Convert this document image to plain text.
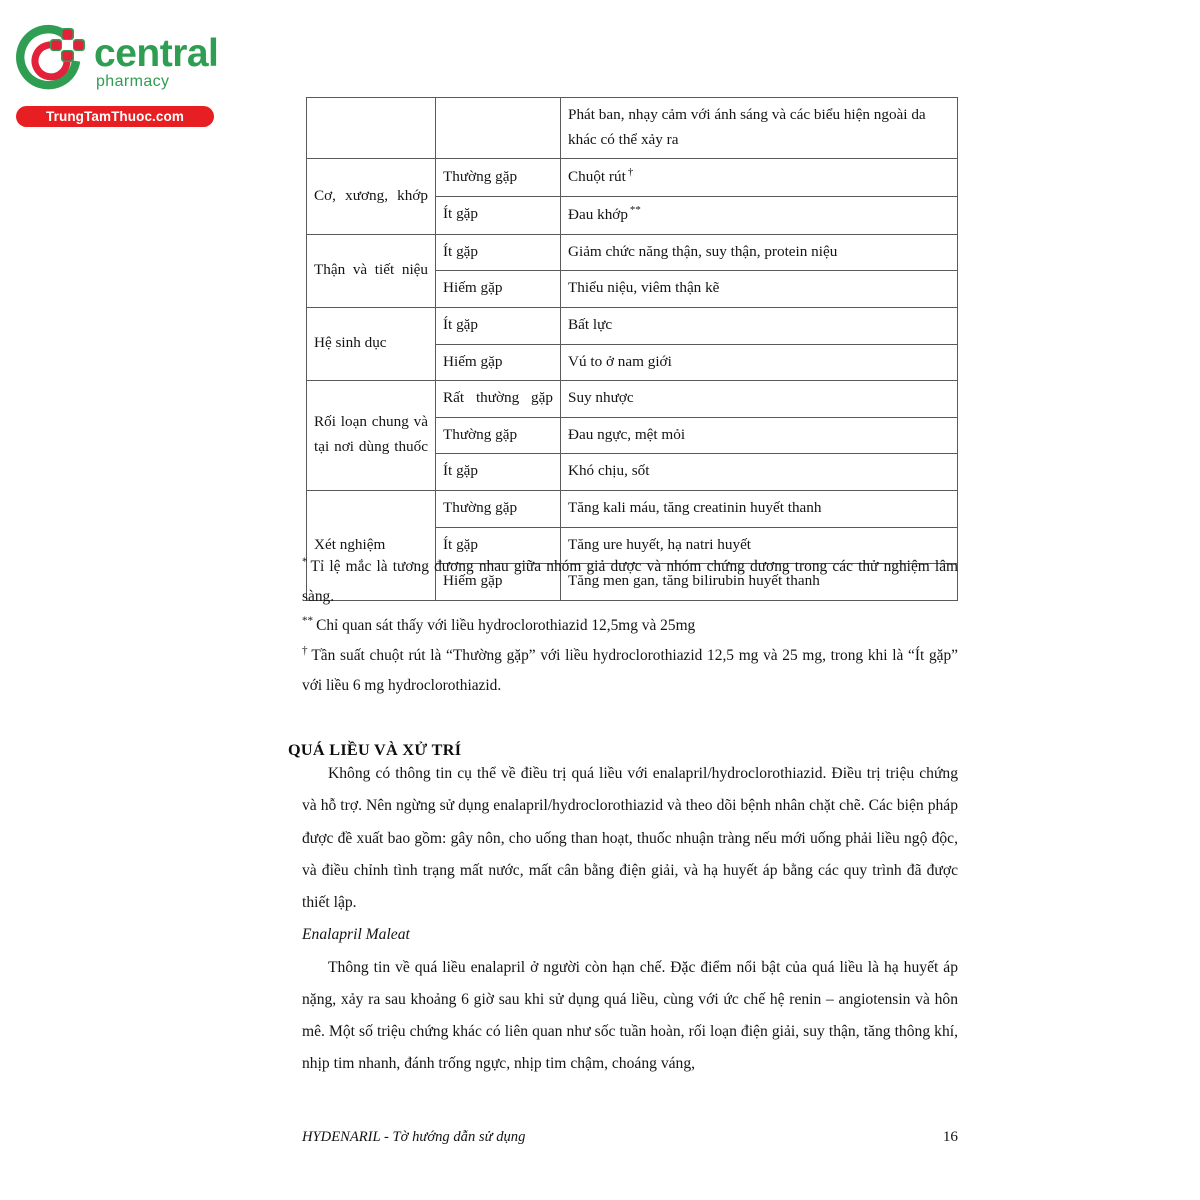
central
pharmacy
TrungTamThuoc.com
			Phát ban, nhạy cảm với ánh sáng và các biểu hiện ngoài da khác có thể xảy ra
Cơ, xương, khớp	Thường gặp	Chuột rút †
	Ít gặp	Đau khớp **
Thận và tiết niệu	Ít gặp	Giảm chức năng thận, suy thận, protein niệu
	Hiếm gặp	Thiểu niệu, viêm thận kẽ
Hệ sinh dục	Ít gặp	Bất lực
	Hiếm gặp	Vú to ở nam giới
Rối loạn chung và tại nơi dùng thuốc	Rất thường gặp	Suy nhược
	Thường gặp	Đau ngực, mệt mỏi
	Ít gặp	Khó chịu, sốt
Xét nghiệm	Thường gặp	Tăng kali máu, tăng creatinin huyết thanh
	Ít gặp	Tăng ure huyết, hạ natri huyết
	Hiếm gặp	Tăng men gan, tăng bilirubin huyết thanh

* Tỉ lệ mắc là tương đương nhau giữa nhóm giả dược và nhóm chứng dương trong các thử nghiệm lâm sàng.

** Chỉ quan sát thấy với liều hydroclorothiazid 12,5mg và 25mg

† Tần suất chuột rút là “Thường gặp” với liều hydroclorothiazid 12,5 mg và 25 mg, trong khi là “Ít gặp” với liều 6 mg hydroclorothiazid.

QUÁ LIỀU VÀ XỬ TRÍ

Không có thông tin cụ thể về điều trị quá liều với enalapril/hydroclorothiazid. Điều trị triệu chứng và hỗ trợ. Nên ngừng sử dụng enalapril/hydroclorothiazid và theo dõi bệnh nhân chặt chẽ. Các biện pháp được đề xuất bao gồm: gây nôn, cho uống than hoạt, thuốc nhuận tràng nếu mới uống phải liều ngộ độc, và điều chỉnh tình trạng mất nước, mất cân bằng điện giải, và hạ huyết áp bằng các quy trình đã được thiết lập.

Enalapril Maleat

Thông tin về quá liều enalapril ở người còn hạn chế. Đặc điểm nổi bật của quá liều là hạ huyết áp nặng, xảy ra sau khoảng 6 giờ sau khi sử dụng quá liều, cùng với ức chế hệ renin – angiotensin và hôn mê. Một số triệu chứng khác có liên quan như sốc tuần hoàn, rối loạn điện giải, suy thận, tăng thông khí, nhịp tim nhanh, đánh trống ngực, nhịp tim chậm, choáng váng,

HYDENARIL - Tờ hướng dẫn sử dụng	16
